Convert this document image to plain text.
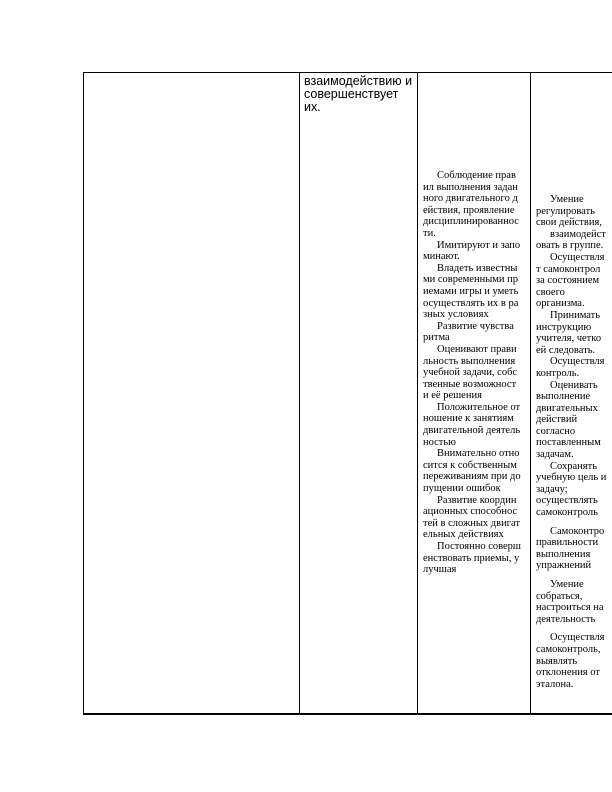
взаимодействию и совершенствует их.
Соблюдение правил выполнения заданного двигательного действия, проявление дисциплинированности.
Имитируют и запоминают.
Владеть известными современными приемами игры и уметь осуществлять их в разных условиях
Развитие чувства ритма
Оценивают правильность выполнения учебной задачи, собственные возможности её решения
Положительное отношение к занятиям двигательной деятельностью
Внимательно относится к собственным переживаниям при допущении ошибок
Развитие координационных способностей в сложных двигательных действиях
Постоянно совершенствовать приемы, улучшая
Умение
регулировать
свои действия,
взаимодейст
овать в группе.
Осуществля
т самоконтрол
за состоянием
своего
организма.
Принимать
инструкцию
учителя, четко
ей следовать.
Осуществля
контроль.
Оценивать
выполнение
двигательных
действий
согласно
поставленным
задачам.
Сохранять
учебную цель и
задачу;
осуществлять
самоконтроль
Самоконтро
правильности
выполнения
упражнений
Умение
собраться,
настроиться на
деятельность
Осуществля
самоконтроль,
выявлять
отклонения от
эталона.
